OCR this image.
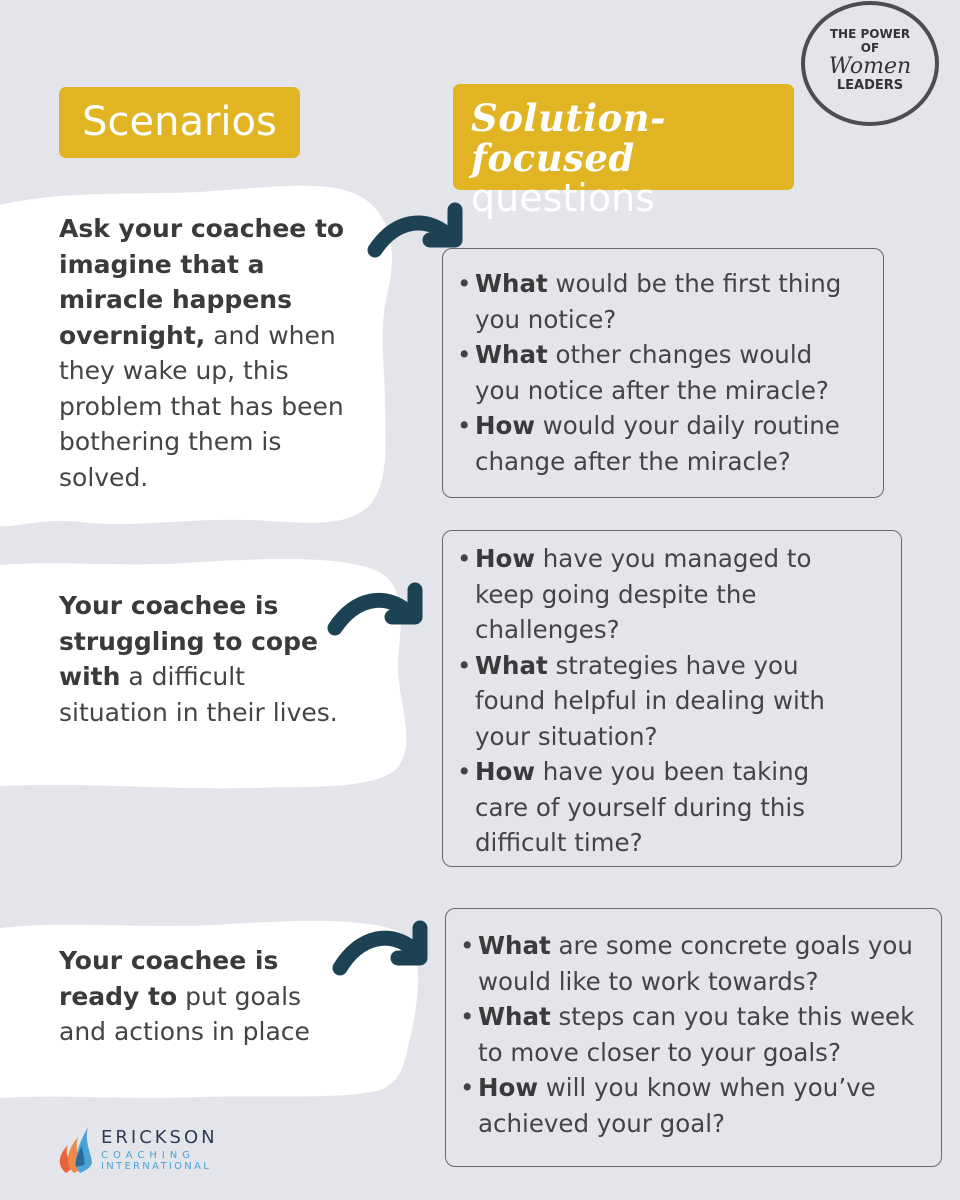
THE POWER
OF
Women
LEADERS
Scenarios	Solution-focused
questions
Ask your coachee to imagine that a miracle happens overnight, and when they wake up, this problem that has been bothering them is solved.
Your coachee is struggling to cope with a difficult situation in their lives.
Your coachee is ready to put goals and actions in place
• What would be the first thing you notice?
• What other changes would you notice after the miracle?
• How would your daily routine change after the miracle?
• How have you managed to keep going despite the challenges?
• What strategies have you found helpful in dealing with your situation?
• How have you been taking care of yourself during this difficult time?
• What are some concrete goals you would like to work towards?
• What steps can you take this week to move closer to your goals?
• How will you know when you’ve achieved your goal?
ERICKSON
COACHING
INTERNATIONAL
